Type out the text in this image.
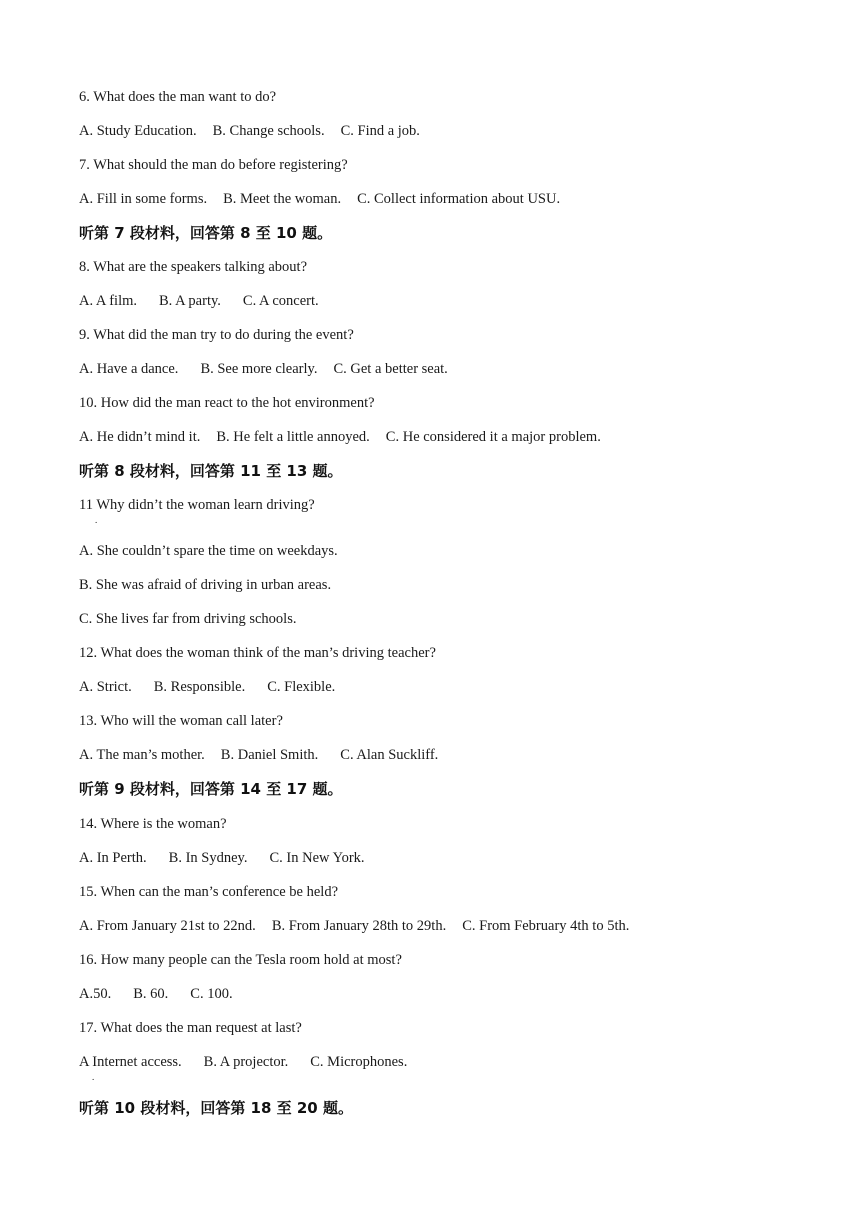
6. What does the man want to do?
A. Study Education. B. Change schools. C. Find a job.
7. What should the man do before registering?
A. Fill in some forms. B. Meet the woman. C. Collect information about USU.
听第 7 段材料，回答第 8 至 10 题。
8. What are the speakers talking about?
A. A film. B. A party. C. A concert.
9. What did the man try to do during the event?
A. Have a dance. B. See more clearly. C. Get a better seat.
10. How did the man react to the hot environment?
A. He didn’t mind it. B. He felt a little annoyed. C. He considered it a major problem.
听第 8 段材料，回答第 11 至 13 题。
11 Why didn’t the woman learn driving?
A. She couldn’t spare the time on weekdays.
B. She was afraid of driving in urban areas.
C. She lives far from driving schools.
12. What does the woman think of the man’s driving teacher?
A. Strict. B. Responsible. C. Flexible.
13. Who will the woman call later?
A. The man’s mother. B. Daniel Smith. C. Alan Suckliff.
听第 9 段材料，回答第 14 至 17 题。
14. Where is the woman?
A. In Perth. B. In Sydney. C. In New York.
15. When can the man’s conference be held?
A. From January 21st to 22nd. B. From January 28th to 29th. C. From February 4th to 5th.
16. How many people can the Tesla room hold at most?
A.50. B. 60. C. 100.
17. What does the man request at last?
A Internet access. B. A projector. C. Microphones.
听第 10 段材料，回答第 18 至 20 题。
.
.
